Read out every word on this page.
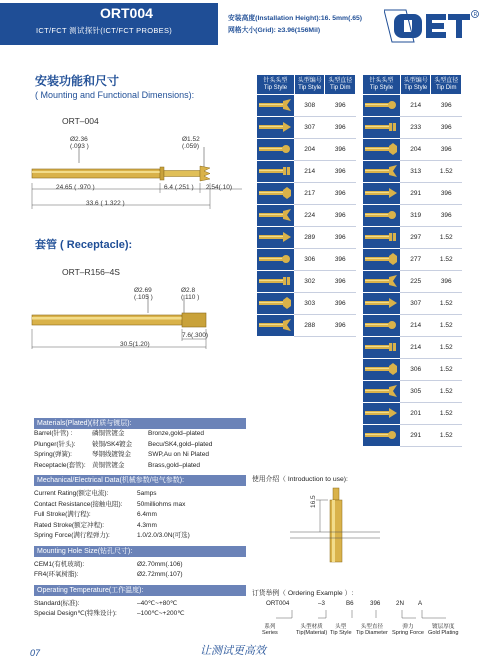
ORT004
ICT/FCT 测试探针(ICT/FCT PROBES)
安装高度(Installation Height):16. 5mm(.65)
网格大小(Grid): ≥3.96(156Mil)
R
安装功能和尺寸
( Mounting and Functional Dimensions):
ORT–004
Ø2.36
(.093 )
Ø1.52
(.059)
24.65 ( .970 )	6.4 (.251 ) 2.54(.10)
33.6 ( 1.322 )
套管 ( Receptacle):
ORT–R156–4S
Ø2.69
(.105 )
Ø2.8
(.110 )
7.6(.300)
30.5(1.20)
针头头型
Tip Style	头型编号
Tip Style	头型直径
Tip Dim
	308	396
	307	396
	204	396
	214	396
	217	396
	224	396
	289	396
	306	396
	302	396
	303	396
	288	396
针头头型
Tip Style	头型编号
Tip Style	头型直径
Tip Dim
	214	396
	233	396
	204	396
	313	1.52
	291	396
	319	396
	297	1.52
	277	1.52
	225	396
	307	1.52
	214	1.52
	214	1.52
	306	1.52
	305	1.52
	201	1.52
	291	1.52
Materials(Plated)(材质与镀层):
Barrel(针管) :	磷铜管镀金	Bronze,gold–plated
Plunger(针头):	铍铜/SK4镀金	Becu/SK4,gold–plated
Spring(弹簧):	琴钢线镀镍金	SWP,Au on Ni Plated
Receptacle(套管): 黄铜管镀金	Brass,gold–plated
Mechanical/Electrical Data(机械参数/电气参数):
Current Rating(额定电流):	5amps
Contact Resistance(接触电阻):	50milliohms max
Full Stroke(满行程):	6.4mm
Rated Stroke(额定冲程):	4.3mm
Spring Force(满行程弹力):	1.0/2.0/3.0N(可选)
Mounting Hole Size(钻孔尺寸):
CEM1(有机玻璃):	Ø2.70mm(.106)
FR4(环氧树脂):	Ø2.72mm(.107)
Operating Temperature(工作温度):
Standard(标准):	–40℃~+80℃
Special Design℃(特殊设计):	–100℃~+200℃
使用介绍（ Introduction to use):
16.5
订货举例（ Ordering Example ）:
ORT004	–3	B6	396	2N A
系列
Series
头型材质
Tip(Material)
头型
Tip Style
头型直径
Tip Diameter
弹力
Spring Force
镀层厚度
Gold Plating
07	让测试更高效
